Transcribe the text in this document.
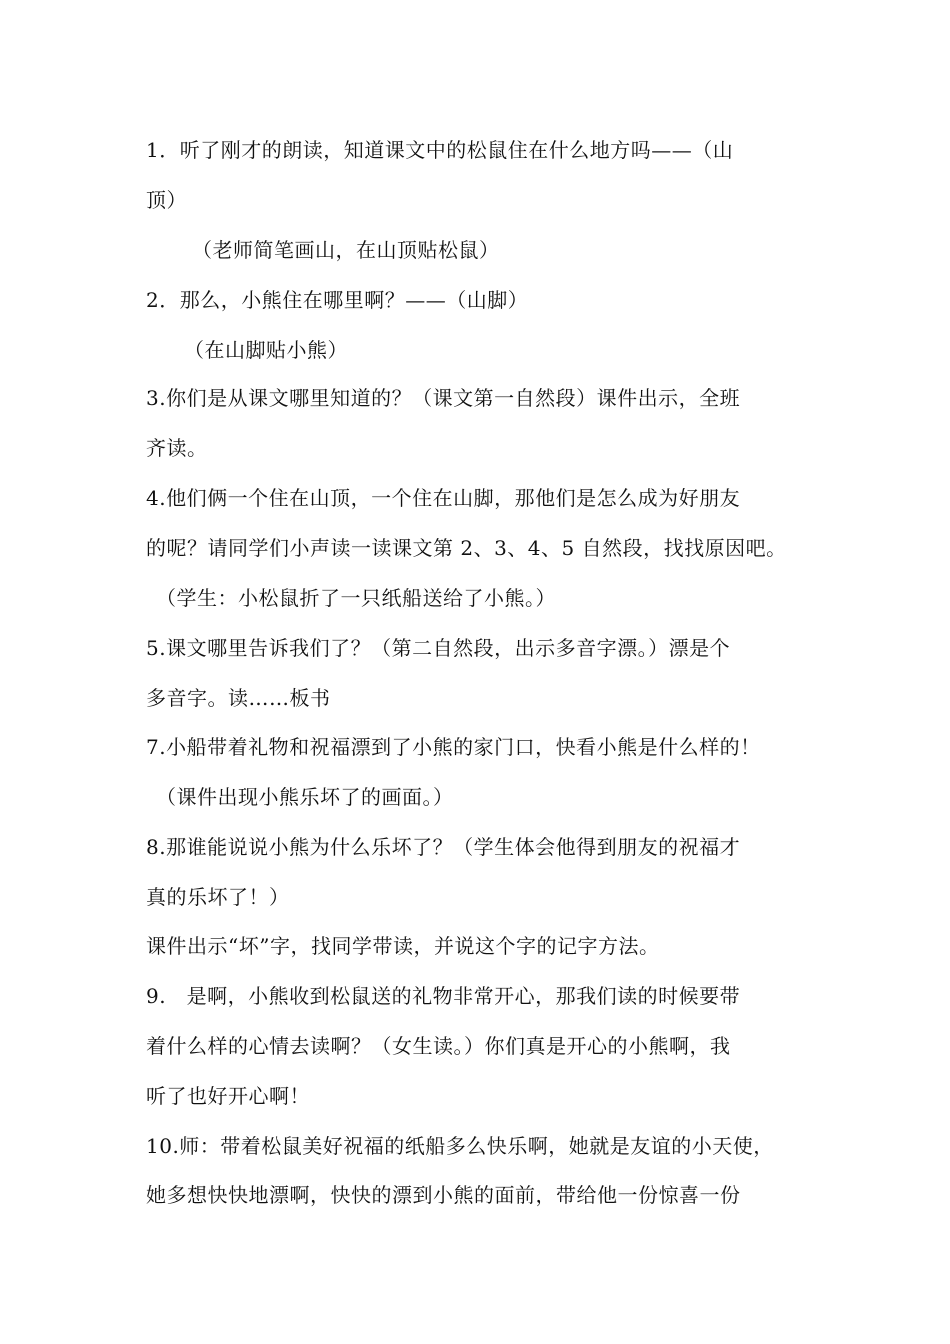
1．听了刚才的朗读，知道课文中的松鼠住在什么地方吗——（山
顶）
（老师简笔画山，在山顶贴松鼠）
2．那么，小熊住在哪里啊？——（山脚）
（在山脚贴小熊）
3.你们是从课文哪里知道的？（课文第一自然段）课件出示，全班
齐读。
4.他们俩一个住在山顶，一个住在山脚，那他们是怎么成为好朋友
的呢？请同学们小声读一读课文第 2、3、4、5 自然段，找找原因吧。
（学生：小松鼠折了一只纸船送给了小熊。）
5.课文哪里告诉我们了？（第二自然段，出示多音字漂。）漂是个
多音字。读……板书
7.小船带着礼物和祝福漂到了小熊的家门口，快看小熊是什么样的！
（课件出现小熊乐坏了的画面。）
8.那谁能说说小熊为什么乐坏了？（学生体会他得到朋友的祝福才
真的乐坏了！）
课件出示“坏”字，找同学带读，并说这个字的记字方法。
9.　是啊，小熊收到松鼠送的礼物非常开心，那我们读的时候要带
着什么样的心情去读啊？（女生读。）你们真是开心的小熊啊，我
听了也好开心啊！
10.师：带着松鼠美好祝福的纸船多么快乐啊，她就是友谊的小天使，
她多想快快地漂啊，快快的漂到小熊的面前，带给他一份惊喜一份
